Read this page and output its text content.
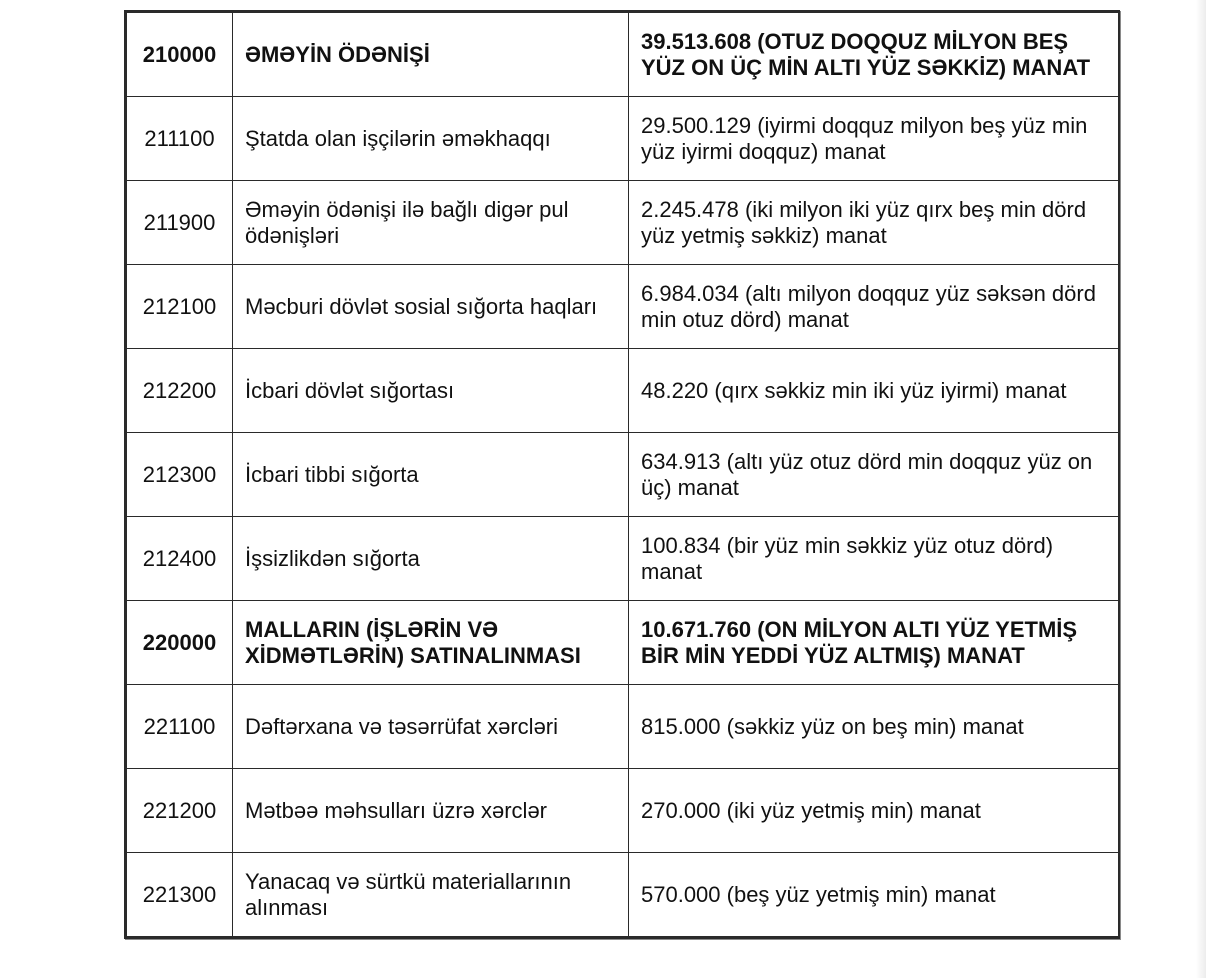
210000	ƏMƏYİN ÖDƏNİŞİ	39.513.608 (OTUZ DOQQUZ MİLYON BEŞ YÜZ ON ÜÇ MİN ALTI YÜZ SƏKKİZ) MANAT
211100	Ştatda olan işçilərin əməkhaqqı	29.500.129 (iyirmi doqquz milyon beş yüz min yüz iyirmi doqquz) manat
211900	Əməyin ödənişi ilə bağlı digər pul ödənişləri	2.245.478 (iki milyon iki yüz qırx beş min dörd yüz yetmiş səkkiz) manat
212100	Məcburi dövlət sosial sığorta haqları	6.984.034 (altı milyon doqquz yüz səksən dörd min otuz dörd) manat
212200	İcbari dövlət sığortası	48.220 (qırx səkkiz min iki yüz iyirmi) manat
212300	İcbari tibbi sığorta	634.913 (altı yüz otuz dörd min doqquz yüz on üç) manat
212400	İşsizlikdən sığorta	100.834 (bir yüz min səkkiz yüz otuz dörd) manat
220000	MALLARIN (İŞLƏRİN VƏ XİDMƏTLƏRİN) SATINALINMASI	10.671.760 (ON MİLYON ALTI YÜZ YETMİŞ BİR MİN YEDDİ YÜZ ALTMIŞ) MANAT
221100	Dəftərxana və təsərrüfat xərcləri	815.000 (səkkiz yüz on beş min) manat
221200	Mətbəə məhsulları üzrə xərclər	270.000 (iki yüz yetmiş min) manat
221300	Yanacaq və sürtkü materiallarının alınması	570.000 (beş yüz yetmiş min) manat
